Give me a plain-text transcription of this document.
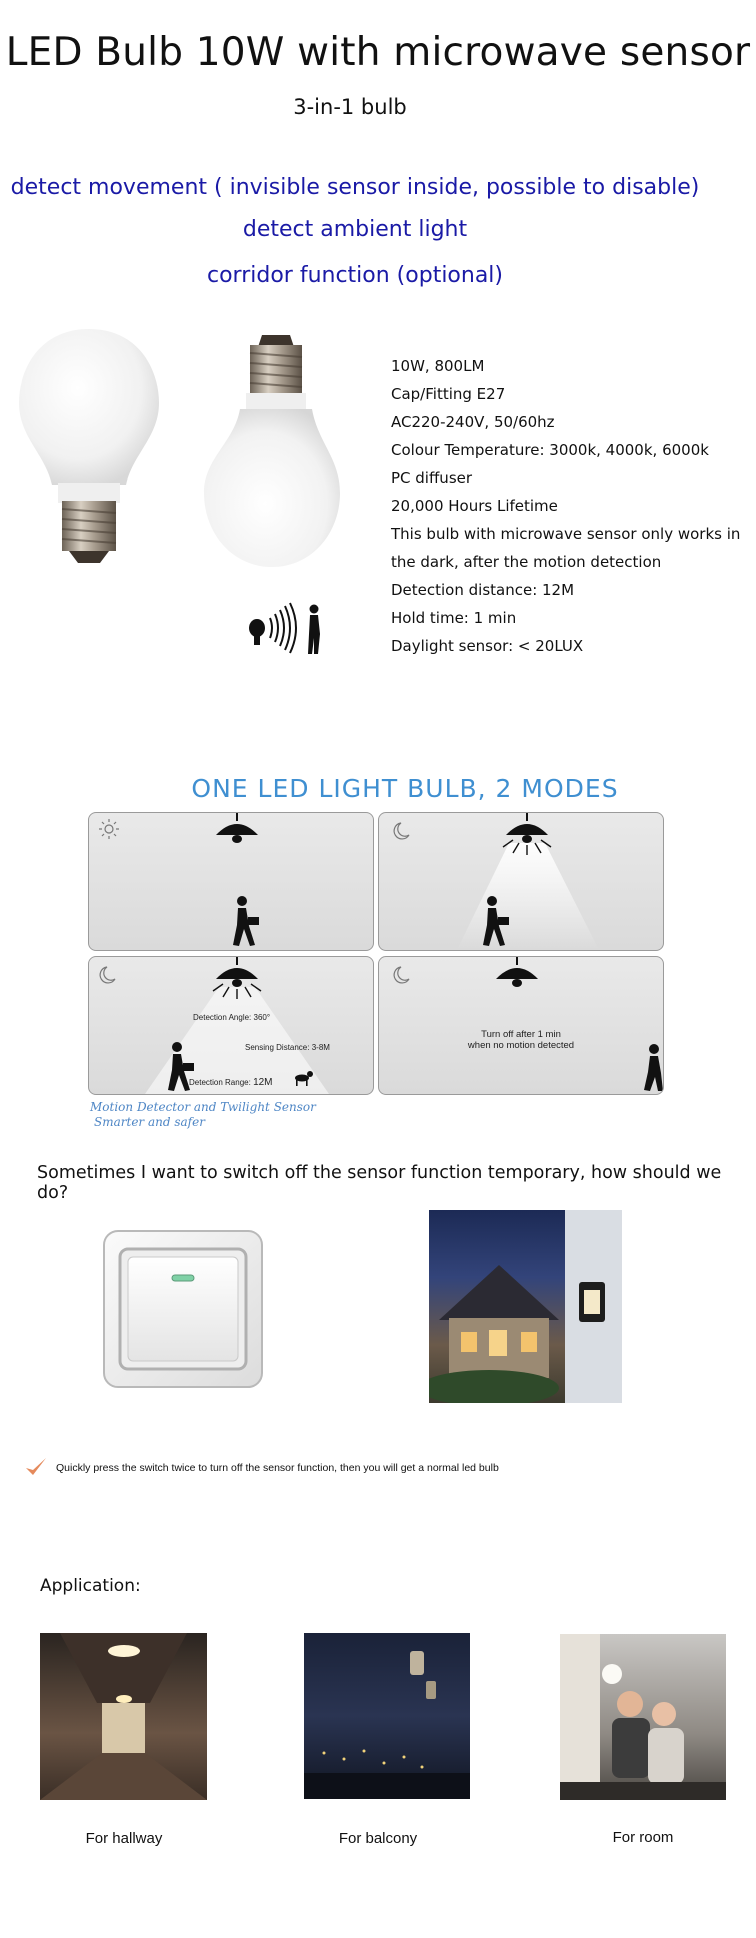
LED Bulb 10W with microwave sensor
3-in-1 bulb
detect movement ( invisible sensor inside, possible to disable)
detect ambient light
corridor function (optional)
10W, 800LM
Cap/Fitting E27
AC220-240V, 50/60hz
Colour Temperature: 3000k, 4000k, 6000k
PC diffuser
20,000 Hours Lifetime
This bulb with microwave sensor only works in the dark, after the motion detection
Detection distance: 12M
Hold time: 1 min
Daylight sensor: < 20LUX
ONE LED LIGHT BULB, 2 MODES
Detection Angle: 360°
Sensing Distance: 3-8M
Detection Range: 12M
Turn off after 1 min
when no motion detected
Motion Detector and Twilight Sensor
Smarter and safer
Sometimes I want to switch off the sensor function temporary, how should we do?
Quickly press the switch twice to turn off the sensor function, then you will get a normal led bulb
Application:
For hallway	For balcony	For room
